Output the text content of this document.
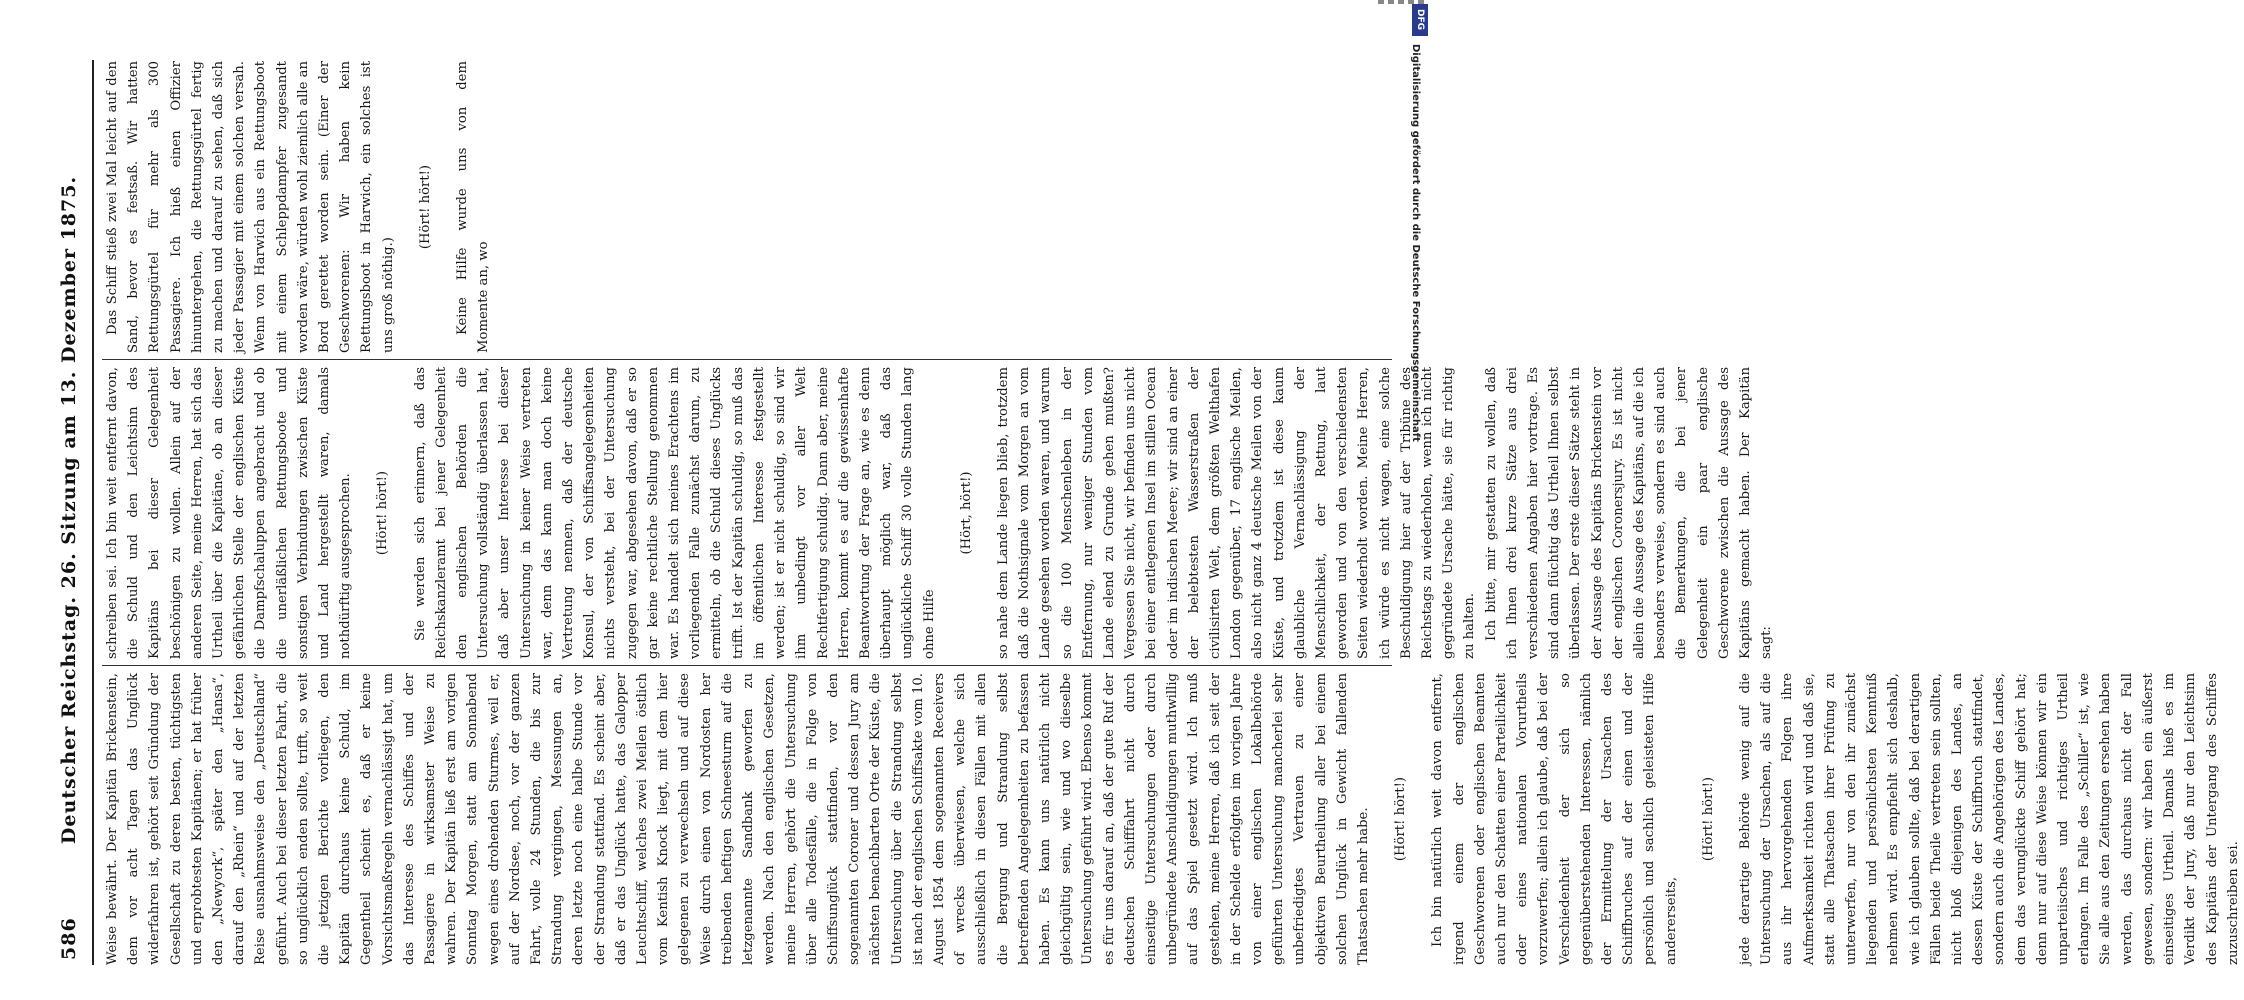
586
Deutscher Reichstag. 26. Sitzung am 13. Dezember 1875. Weise bewährt. Der Kapitän Brickenstein, dem vor acht Tagen das Unglück widerfahren ist, gehört seit Gründung der Gesellschaft zu deren besten, tüchtigsten und erprobtesten Kapitänen; er hat früher den „Newyork“, später den „Hansa“, darauf den „Rhein“ und auf der letzten Reise ausnahmsweise den „Deutschland“ geführt. Auch bei dieser letzten Fahrt, die so unglücklich enden sollte, trifft, so weit die jetzigen Berichte vorliegen, den Kapitän durchaus keine Schuld, im Gegentheil scheint es, daß er keine Vorsichtsmaßregeln vernachlässigt hat, um das Interesse des Schiffes und der Passagiere in wirksamster Weise zu wahren. Der Kapitän ließ erst am vorigen Sonntag Morgen, statt am Sonnabend wegen eines drohenden Sturmes, weil er, auf der Nordsee, noch, vor der ganzen Fahrt, volle 24 Stunden, die bis zur Strandung vergingen, Messungen an, deren letzte noch eine halbe Stunde vor der Strandung stattfand. Es scheint aber, daß er das Unglück hatte, das Galopper Leuchtschiff, welches zwei Meilen östlich vom Kentish Knock liegt, mit dem hier gelegenen zu verwechseln und auf diese Weise durch einen von Nordosten her treibenden heftigen Schneesturm auf die letzgenannte Sandbank geworfen zu werden. Nach den englischen Gesetzen, meine Herren, gehört die Untersuchung über alle Todesfälle, die in Folge von Schiffsunglück stattfinden, vor den sogenannten Coroner und dessen Jury am nächsten benachbarten Orte der Küste, die Untersuchung über die Strandung selbst ist nach der englischen Schiffsakte vom 10. August 1854 dem sogenannten Receivers of wrecks überwiesen, welche sich ausschließlich in diesen Fällen mit allen die Bergung und Strandung selbst betreffenden Angelegenheiten zu befassen haben. Es kann uns natürlich nicht gleichgültig sein, wie und wo dieselbe Untersuchung geführt wird. Ebenso kommt es für uns darauf an, daß der gute Ruf der deutschen Schifffahrt nicht durch einseitige Untersuchungen oder durch unbegründete Anschuldigungen muthwillig auf das Spiel gesetzt wird. Ich muß gestehen, meine Herren, daß ich seit der in der Schelde erfolgten im vorigen Jahre von einer englischen Lokalbehörde geführten Untersuchung mancherlei sehr unbefriedigtes Vertrauen zu einer objektiven Beurtheilung aller bei einem solchen Unglück in Gewicht fallenden Thatsachen mehr habe. (Hört! hört!) Ich bin natürlich weit davon entfernt, irgend einem der englischen Geschworenen oder englischen Beamten auch nur den Schatten einer Parteilichkeit oder eines nationalen Vorurtheils vorzuwerfen; allein ich glaube, daß bei der Verschiedenheit der sich so gegenüberstehenden Interessen, nämlich der Ermittelung der Ursachen des Schiffbruches auf der einen und der persönlich und sachlich geleisteten Hilfe andererseits,

(Hört! hört!) jede derartige Behörde wenig auf die Untersuchung der Ursachen, als auf die aus ihr hervorgehenden Folgen ihre Aufmerksamkeit richten wird und daß sie, statt alle Thatsachen ihrer Prüfung zu unterwerfen, nur von den ihr zunächst liegenden und persönlichsten Kenntniß nehmen wird. Es empfiehlt sich deshalb, wie ich glauben sollte, daß bei derartigen Fällen beide Theile vertreten sein sollten, nicht bloß diejenigen des Landes, an dessen Küste der Schiffbruch stattfindet, sondern auch die Angehörigen des Landes, dem das verunglückte Schiff gehört hat; denn nur auf diese Weise können wir ein unparteiisches und richtiges Urtheil erlangen. Im Falle des „Schiller“ ist, wie Sie alle aus den Zeitungen ersehen haben werden, das durchaus nicht der Fall gewesen, sondern: wir haben ein äußerst einseitiges Urtheil. Damals hieß es im Verdikt der Jury, daß nur den Leichtsinn des Kapitäns der Untergang des Schiffes zuzuschreiben sei.

schreiben sei. Ich bin weit entfernt davon, die Schuld und den Leichtsinn des Kapitäns bei dieser Gelegenheit beschönigen zu wollen. Allein auf der anderen Seite, meine Herren, hat sich das Urtheil über die Kapitäne, ob an dieser gefährlichen Stelle der englischen Küste die Dampfschaluppen angebracht und ob die unerläßlichen Rettungsboote und sonstigen Verbindungen zwischen Küste und Land hergestellt waren, damals nothdürftig ausgesprochen. (Hört! hört!) Sie werden sich erinnern, daß das Reichskanzleramt bei jener Gelegenheit den englischen Behörden die Untersuchung vollständig überlassen hat, daß aber unser Interesse bei dieser Untersuchung in keiner Weise vertreten war, denn das kann man doch keine Vertretung nennen, daß der deutsche Konsul, der von Schiffsangelegenheiten nichts versteht, bei der Untersuchung zugegen war, abgesehen davon, daß er so gar keine rechtliche Stellung genommen war. Es handelt sich meines Erachtens im vorliegenden Falle zunächst darum, zu ermitteln, ob die Schuld dieses Unglücks trifft. Ist der Kapitän schuldig, so muß das im öffentlichen Interesse festgestellt werden; ist er nicht schuldig, so sind wir ihm unbedingt vor aller Welt Rechtfertigung schuldig. Dann aber, meine Herren, kommt es auf die gewissenhafte Beantwortung der Frage an, wie es denn überhaupt möglich war, daß das unglückliche Schiff 30 volle Stunden lang ohne Hilfe

(Hört, hört!) so nahe dem Lande liegen blieb, trotzdem daß die Nothsignale vom Morgen an vom Lande gesehen worden waren, und warum so die 100 Menschenleben in der Entfernung, nur weniger Stunden vom Lande elend zu Grunde gehen mußten? Vergessen Sie nicht, wir befinden uns nicht bei einer entlegenen Insel im stillen Ocean oder im indischen Meere; wir sind an einer der belebtesten Wasserstraßen der civilisirten Welt, dem größten Welthafen London gegenüber, 17 englische Meilen, also nicht ganz 4 deutsche Meilen von der Küste, und trotzdem ist diese kaum glaubliche Vernachlässigung der Menschlichkeit, der Rettung, laut geworden und von den verschiedensten Seiten wiederholt worden. Meine Herren, ich würde es nicht wagen, eine solche Beschuldigung hier auf der Tribüne des Reichstags zu wiederholen, wenn ich nicht gegründete Ursache hätte, sie für richtig zu halten. Ich bitte, mir gestatten zu wollen, daß ich Ihnen drei kurze Sätze aus drei verschiedenen Angaben hier vortrage. Es sind dann flüchtig das Urtheil Ihnen selbst überlassen. Der erste dieser Sätze steht in der Aussage des Kapitäns Brickenstein vor der englischen Coronersjury. Es ist nicht allein die Aussage des Kapitäns, auf die ich besonders verweise, sondern es sind auch die Bemerkungen, die bei jener Gelegenheit ein paar englische Geschworene zwischen die Aussage des Kapitäns gemacht haben. Der Kapitän sagt:

Das Schiff stieß zwei Mal leicht auf den Sand, bevor es festsaß. Wir hatten Rettungsgürtel für mehr als 300 Passagiere. Ich hieß einen Offizier hinuntergehen, die Rettungsgürtel fertig zu machen und darauf zu sehen, daß sich jeder Passagier mit einem solchen versah. Wenn von Harwich aus ein Rettungsboot mit einem Schleppdampfer zugesandt worden wäre, würden wohl ziemlich alle an Bord gerettet worden sein. (Einer der Geschworenen: Wir haben kein Rettungsboot in Harwich, ein solches ist uns groß nöthig.)

(Hört! hört!) Keine Hilfe wurde uns von dem Momente an, wo

DFG
Digitalisierung gefördert durch die Deutsche Forschungsgemeinschaft
